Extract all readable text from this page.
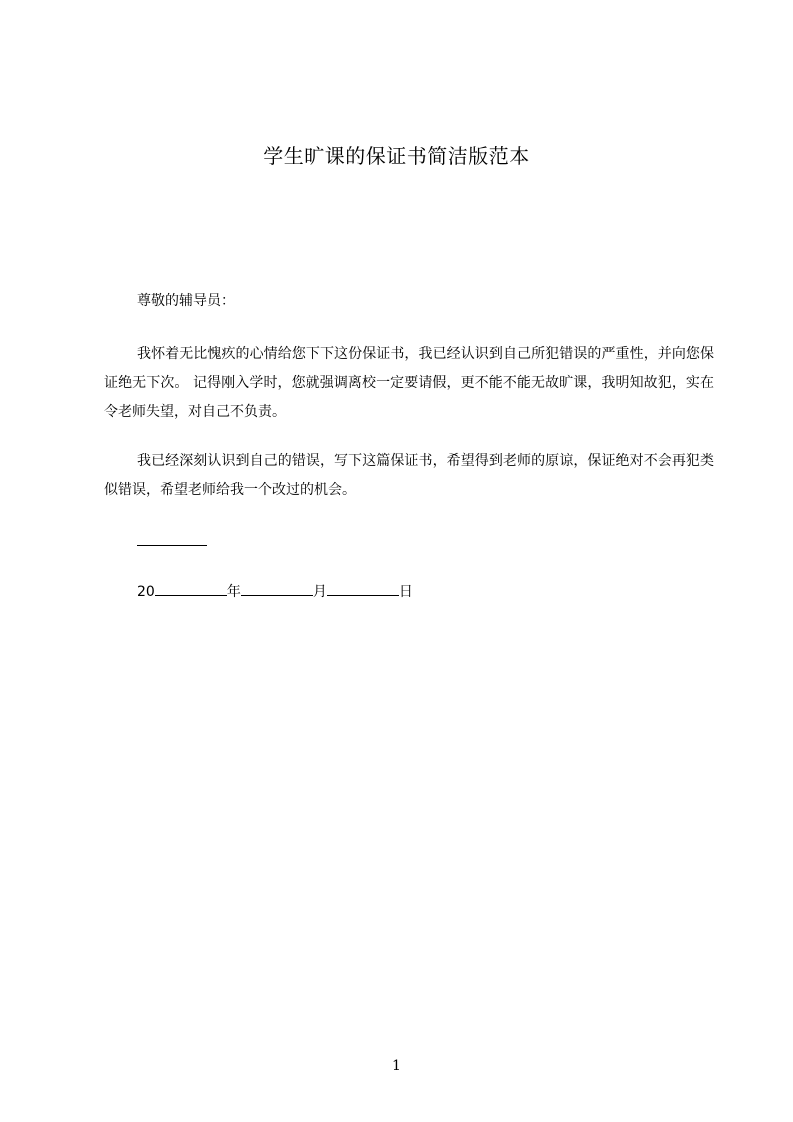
学生旷课的保证书简洁版范本
尊敬的辅导员：
我怀着无比愧疚的心情给您下下这份保证书，我已经认识到自己所犯错误的严重性，并向您保证绝无下次。 记得刚入学时，您就强调离校一定要请假，更不能不能无故旷课，我明知故犯，实在令老师失望，对自己不负责。
我已经深刻认识到自己的错误，写下这篇保证书，希望得到老师的原谅，保证绝对不会再犯类似错误，希望老师给我一个改过的机会。
20	年	月	日
1
